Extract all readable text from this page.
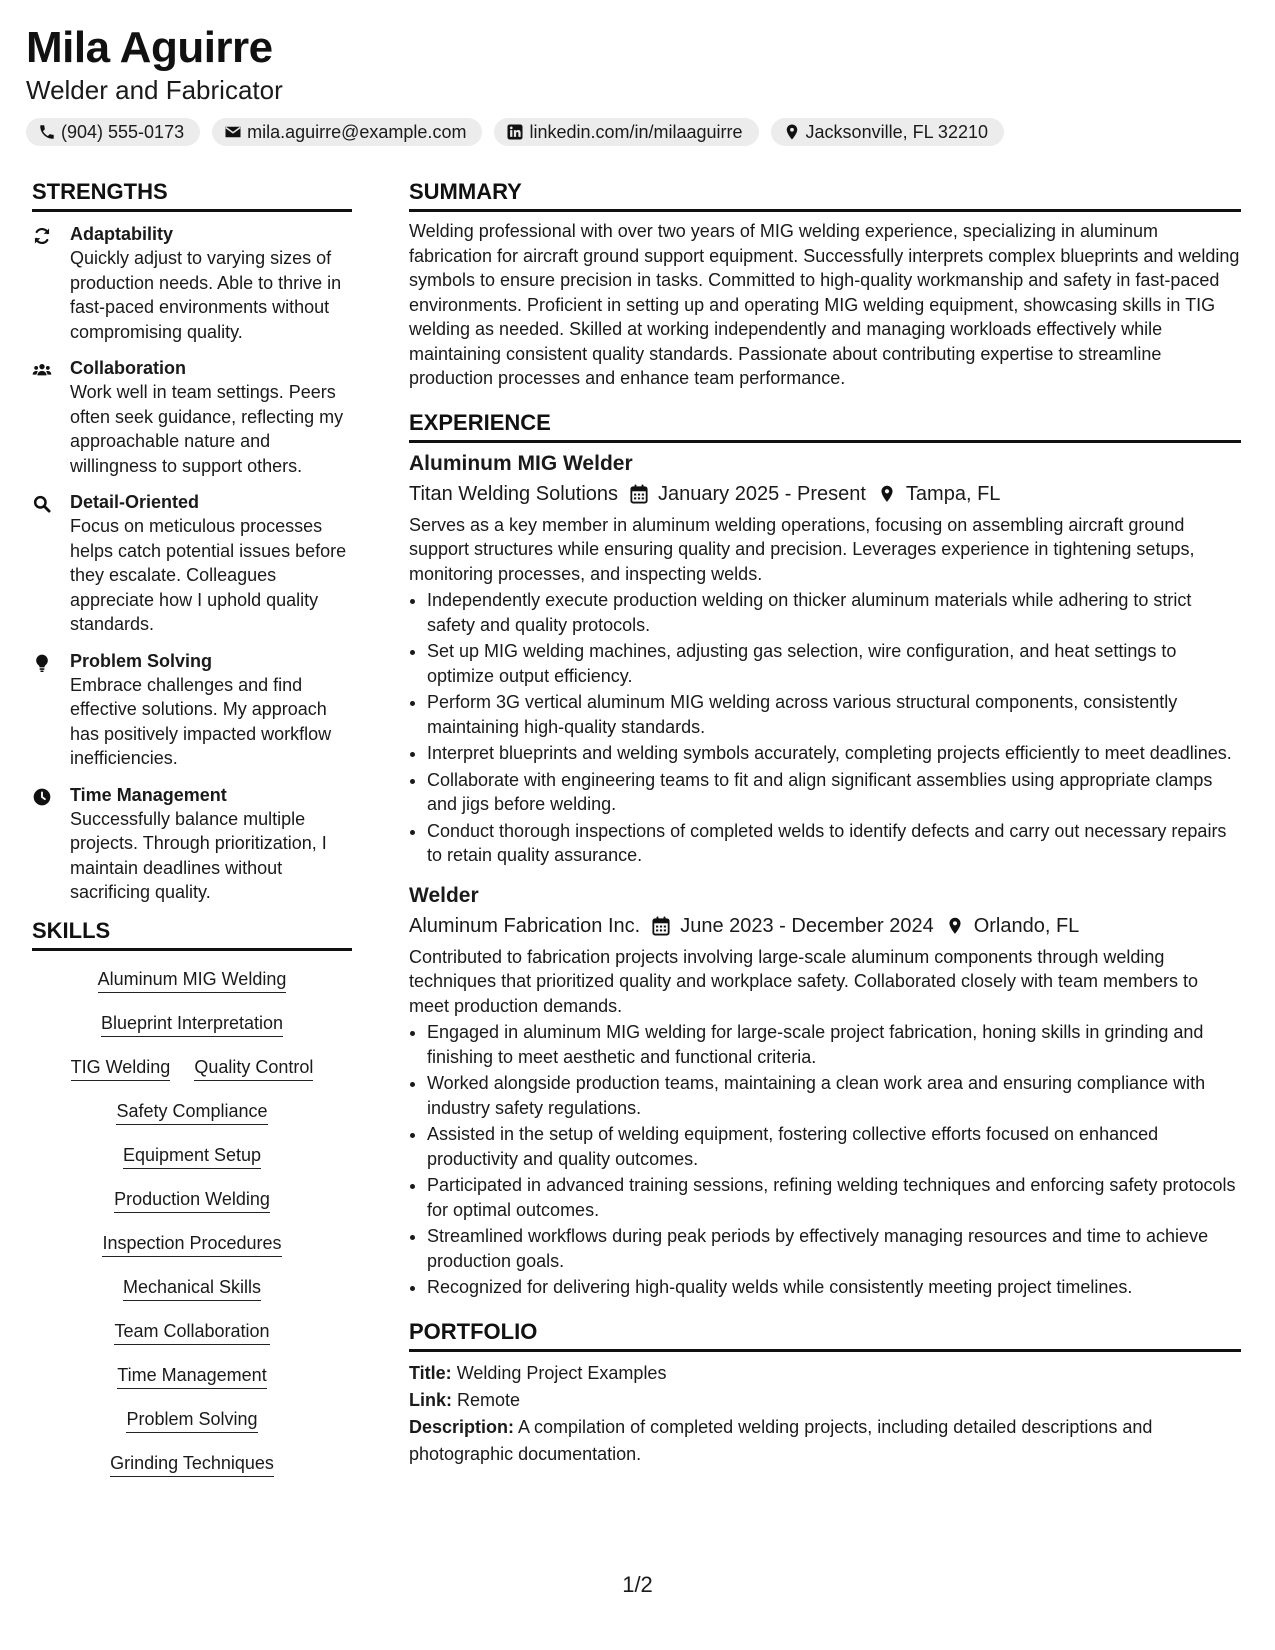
Mila Aguirre
Welder and Fabricator
(904) 555-0173	mila.aguirre@example.com	linkedin.com/in/milaaguirre	Jacksonville, FL 32210
STRENGTHS
Adaptability
Quickly adjust to varying sizes of production needs. Able to thrive in fast-paced environments without compromising quality.
Collaboration
Work well in team settings. Peers often seek guidance, reflecting my approachable nature and willingness to support others.
Detail-Oriented
Focus on meticulous processes helps catch potential issues before they escalate. Colleagues appreciate how I uphold quality standards.
Problem Solving
Embrace challenges and find effective solutions. My approach has positively impacted workflow inefficiencies.
Time Management
Successfully balance multiple projects. Through prioritization, I maintain deadlines without sacrificing quality.
SKILLS
Aluminum MIG Welding
Blueprint Interpretation
TIG Welding Quality Control
Safety Compliance
Equipment Setup
Production Welding
Inspection Procedures
Mechanical Skills
Team Collaboration
Time Management
Problem Solving
Grinding Techniques
SUMMARY
Welding professional with over two years of MIG welding experience, specializing in aluminum fabrication for aircraft ground support equipment. Successfully interprets complex blueprints and welding symbols to ensure precision in tasks. Committed to high-quality workmanship and safety in fast-paced environments. Proficient in setting up and operating MIG welding equipment, showcasing skills in TIG welding as needed. Skilled at working independently and managing workloads effectively while maintaining consistent quality standards. Passionate about contributing expertise to streamline production processes and enhance team performance.
EXPERIENCE
Aluminum MIG Welder
Titan Welding Solutions January 2025 - Present Tampa, FL
Serves as a key member in aluminum welding operations, focusing on assembling aircraft ground support structures while ensuring quality and precision. Leverages experience in tightening setups, monitoring processes, and inspecting welds.
• Independently execute production welding on thicker aluminum materials while adhering to strict safety and quality protocols.
• Set up MIG welding machines, adjusting gas selection, wire configuration, and heat settings to optimize output efficiency.
• Perform 3G vertical aluminum MIG welding across various structural components, consistently maintaining high-quality standards.
• Interpret blueprints and welding symbols accurately, completing projects efficiently to meet deadlines.
• Collaborate with engineering teams to fit and align significant assemblies using appropriate clamps and jigs before welding.
• Conduct thorough inspections of completed welds to identify defects and carry out necessary repairs to retain quality assurance.
Welder
Aluminum Fabrication Inc. June 2023 - December 2024 Orlando, FL
Contributed to fabrication projects involving large-scale aluminum components through welding techniques that prioritized quality and workplace safety. Collaborated closely with team members to meet production demands.
• Engaged in aluminum MIG welding for large-scale project fabrication, honing skills in grinding and finishing to meet aesthetic and functional criteria.
• Worked alongside production teams, maintaining a clean work area and ensuring compliance with industry safety regulations.
• Assisted in the setup of welding equipment, fostering collective efforts focused on enhanced productivity and quality outcomes.
• Participated in advanced training sessions, refining welding techniques and enforcing safety protocols for optimal outcomes.
• Streamlined workflows during peak periods by effectively managing resources and time to achieve production goals.
• Recognized for delivering high-quality welds while consistently meeting project timelines.
PORTFOLIO
Title: Welding Project Examples
Link: Remote
Description: A compilation of completed welding projects, including detailed descriptions and photographic documentation.
1/2
